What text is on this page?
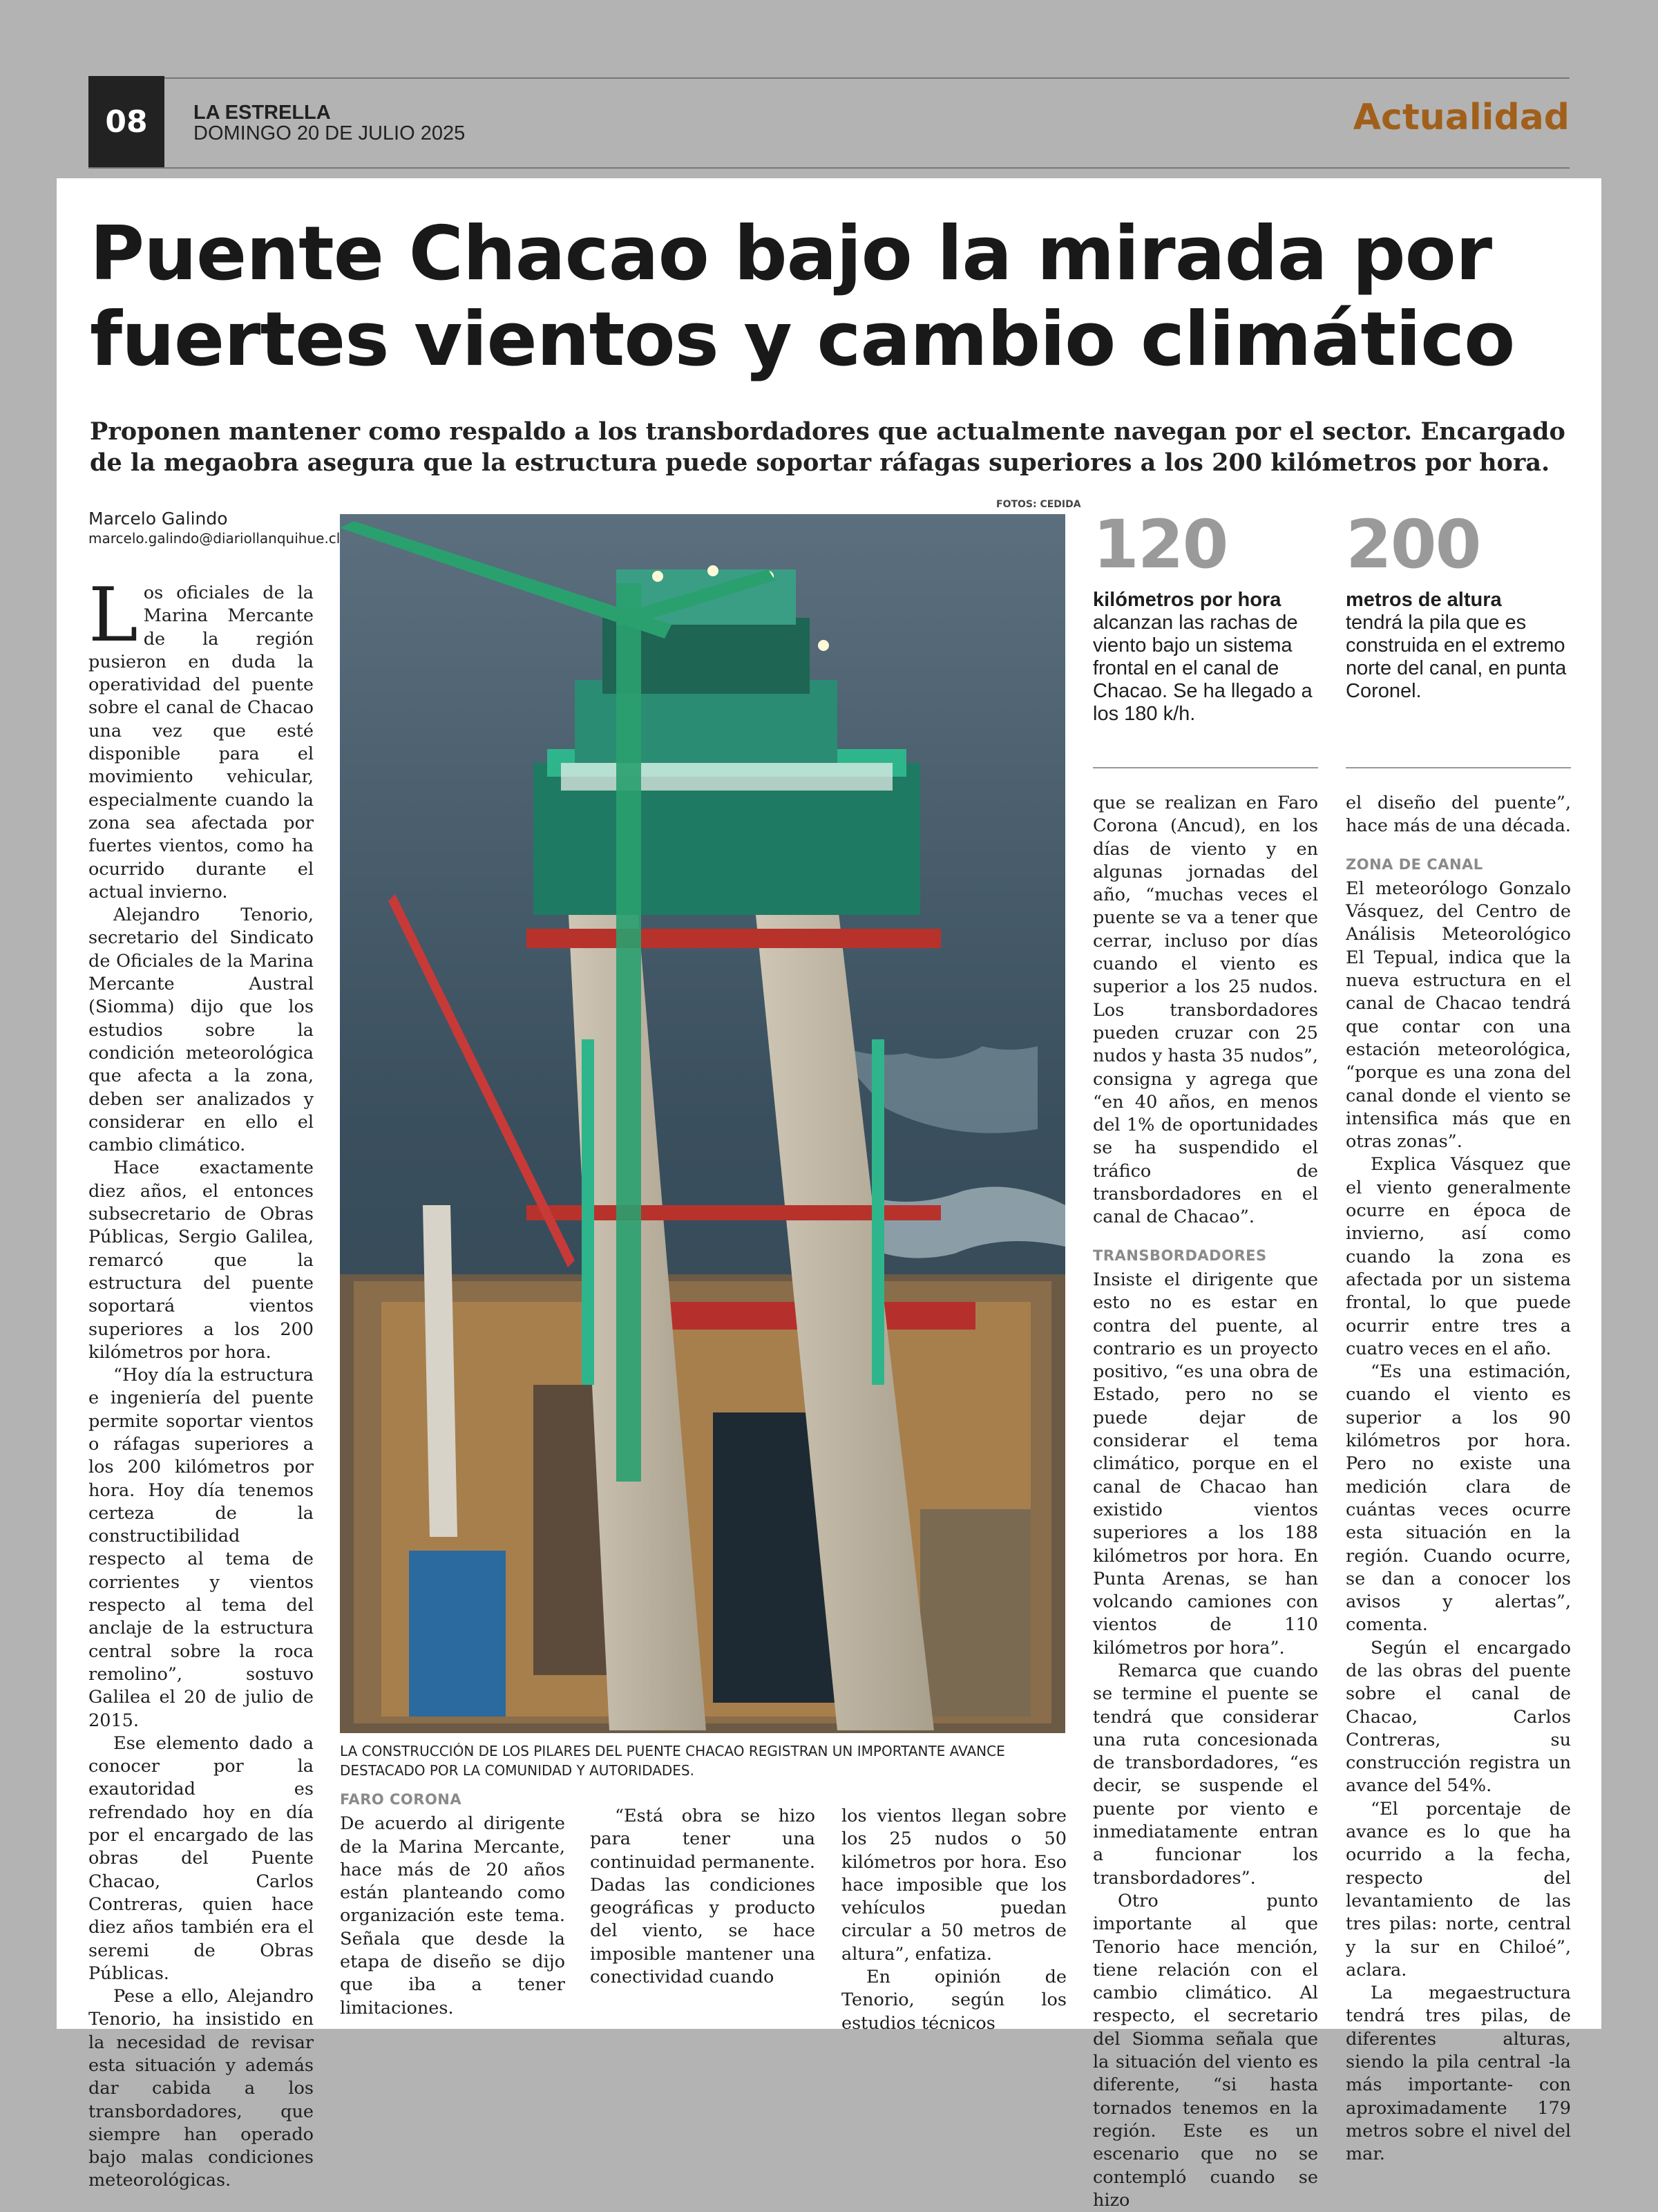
08	LA ESTRELLA
DOMINGO 20 DE JULIO 2025	Actualidad
Puente Chacao bajo la mirada por fuertes vientos y cambio climático

Proponen mantener como respaldo a los transbordadores que actualmente navegan por el sector. Encargado de la megaobra asegura que la estructura puede soportar ráfagas superiores a los 200 kilómetros por hora.

Marcelo Galindo
marcelo.galindo@diariollanquihue.cl

Los oficiales de la Marina Mercante de la región pusieron en duda la operatividad del puente sobre el canal de Chacao una vez que esté disponible para el movimiento vehicular, especialmente cuando la zona sea afectada por fuertes vientos, como ha ocurrido durante el actual invierno.

Alejandro Tenorio, secretario del Sindicato de Oficiales de la Marina Mercante Austral (Siomma) dijo que los estudios sobre la condición meteorológica que afecta a la zona, deben ser analizados y considerar en ello el cambio climático.

Hace exactamente diez años, el entonces subsecretario de Obras Públicas, Sergio Galilea, remarcó que la estructura del puente soportará vientos superiores a los 200 kilómetros por hora.

“Hoy día la estructura e ingeniería del puente permite soportar vientos o ráfagas superiores a los 200 kilómetros por hora. Hoy día tenemos certeza de la constructibilidad respecto al tema de corrientes y vientos respecto al tema del anclaje de la estructura central sobre la roca remolino”, sostuvo Galilea el 20 de julio de 2015.

Ese elemento dado a conocer por la exautoridad es refrendado hoy en día por el encargado de las obras del Puente Chacao, Carlos Contreras, quien hace diez años también era el seremi de Obras Públicas.

Pese a ello, Alejandro Tenorio, ha insistido en la necesidad de revisar esta situación y además dar cabida a los transbordadores, que siempre han operado bajo malas condiciones meteorológicas.

FOTOS: CEDIDA

LA CONSTRUCCIÓN DE LOS PILARES DEL PUENTE CHACAO REGISTRAN UN IMPORTANTE AVANCE DESTACADO POR LA COMUNIDAD Y AUTORIDADES.

FARO CORONA

De acuerdo al dirigente de la Marina Mercante, hace más de 20 años están planteando como organización este tema. Señala que desde la etapa de diseño se dijo que iba a tener limitaciones.

“Está obra se hizo para tener una continuidad permanente. Dadas las condiciones geográficas y producto del viento, se hace imposible mantener una conectividad cuando

los vientos llegan sobre los 25 nudos o 50 kilómetros por hora. Eso hace imposible que los vehículos puedan circular a 50 metros de altura”, enfatiza.

En opinión de Tenorio, según los estudios técnicos

120
kilómetros por hora
alcanzan las rachas de viento bajo un sistema frontal en el canal de Chacao. Se ha llegado a los 180 k/h.
200
metros de altura
tendrá la pila que es construida en el extremo norte del canal, en punta Coronel.

que se realizan en Faro Corona (Ancud), en los días de viento y en algunas jornadas del año, “muchas veces el puente se va a tener que cerrar, incluso por días cuando el viento es superior a los 25 nudos. Los transbordadores pueden cruzar con 25 nudos y hasta 35 nudos”, consigna y agrega que “en 40 años, en menos del 1% de oportunidades se ha suspendido el tráfico de transbordadores en el canal de Chacao”.

TRANSBORDADORES

Insiste el dirigente que esto no es estar en contra del puente, al contrario es un proyecto positivo, “es una obra de Estado, pero no se puede dejar de considerar el tema climático, porque en el canal de Chacao han existido vientos superiores a los 188 kilómetros por hora. En Punta Arenas, se han volcando camiones con vientos de 110 kilómetros por hora”.

Remarca que cuando se termine el puente se tendrá que considerar una ruta concesionada de transbordadores, “es decir, se suspende el puente por viento e inmediatamente entran a funcionar los transbordadores”.

Otro punto importante al que Tenorio hace mención, tiene relación con el cambio climático. Al respecto, el secretario del Siomma señala que la situación del viento es diferente, “si hasta tornados tenemos en la región. Este es un escenario que no se contempló cuando se hizo

el diseño del puente”, hace más de una década.

ZONA DE CANAL

El meteorólogo Gonzalo Vásquez, del Centro de Análisis Meteorológico El Tepual, indica que la nueva estructura en el canal de Chacao tendrá que contar con una estación meteorológica, “porque es una zona del canal donde el viento se intensifica más que en otras zonas”.

Explica Vásquez que el viento generalmente ocurre en época de invierno, así como cuando la zona es afectada por un sistema frontal, lo que puede ocurrir entre tres a cuatro veces en el año.

“Es una estimación, cuando el viento es superior a los 90 kilómetros por hora. Pero no existe una medición clara de cuántas veces ocurre esta situación en la región. Cuando ocurre, se dan a conocer los avisos y alertas”, comenta.

Según el encargado de las obras del puente sobre el canal de Chacao, Carlos Contreras, su construcción registra un avance del 54%.

“El porcentaje de avance es lo que ha ocurrido a la fecha, respecto del levantamiento de las tres pilas: norte, central y la sur en Chiloé”, aclara.

La megaestructura tendrá tres pilas, de diferentes alturas, siendo la pila central -la más importante- con aproximadamente 179 metros sobre el nivel del mar.
